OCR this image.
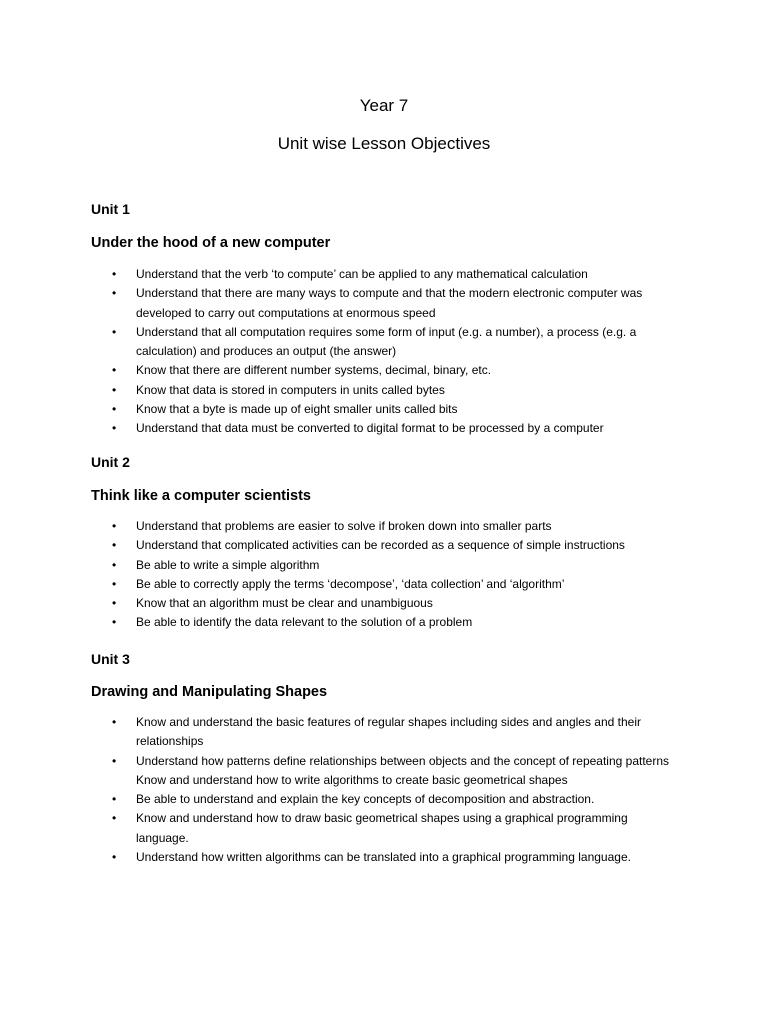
Year 7
Unit wise Lesson Objectives
Unit 1
Under the hood of a new computer
• Understand that the verb ‘to compute’ can be applied to any mathematical calculation
• Understand that there are many ways to compute and that the modern electronic computer was developed to carry out computations at enormous speed
• Understand that all computation requires some form of input (e.g. a number), a process (e.g. a calculation) and produces an output (the answer)
• Know that there are different number systems, decimal, binary, etc.
• Know that data is stored in computers in units called bytes
• Know that a byte is made up of eight smaller units called bits
• Understand that data must be converted to digital format to be processed by a computer
Unit 2
Think like a computer scientists
• Understand that problems are easier to solve if broken down into smaller parts
• Understand that complicated activities can be recorded as a sequence of simple instructions
• Be able to write a simple algorithm
• Be able to correctly apply the terms ‘decompose’, ‘data collection’ and ‘algorithm’
• Know that an algorithm must be clear and unambiguous
• Be able to identify the data relevant to the solution of a problem
Unit 3
Drawing and Manipulating Shapes
• Know and understand the basic features of regular shapes including sides and angles and their relationships
• Understand how patterns define relationships between objects and the concept of repeating patterns Know and understand how to write algorithms to create basic geometrical shapes
• Be able to understand and explain the key concepts of decomposition and abstraction.
• Know and understand how to draw basic geometrical shapes using a graphical programming language.
• Understand how written algorithms can be translated into a graphical programming language.
